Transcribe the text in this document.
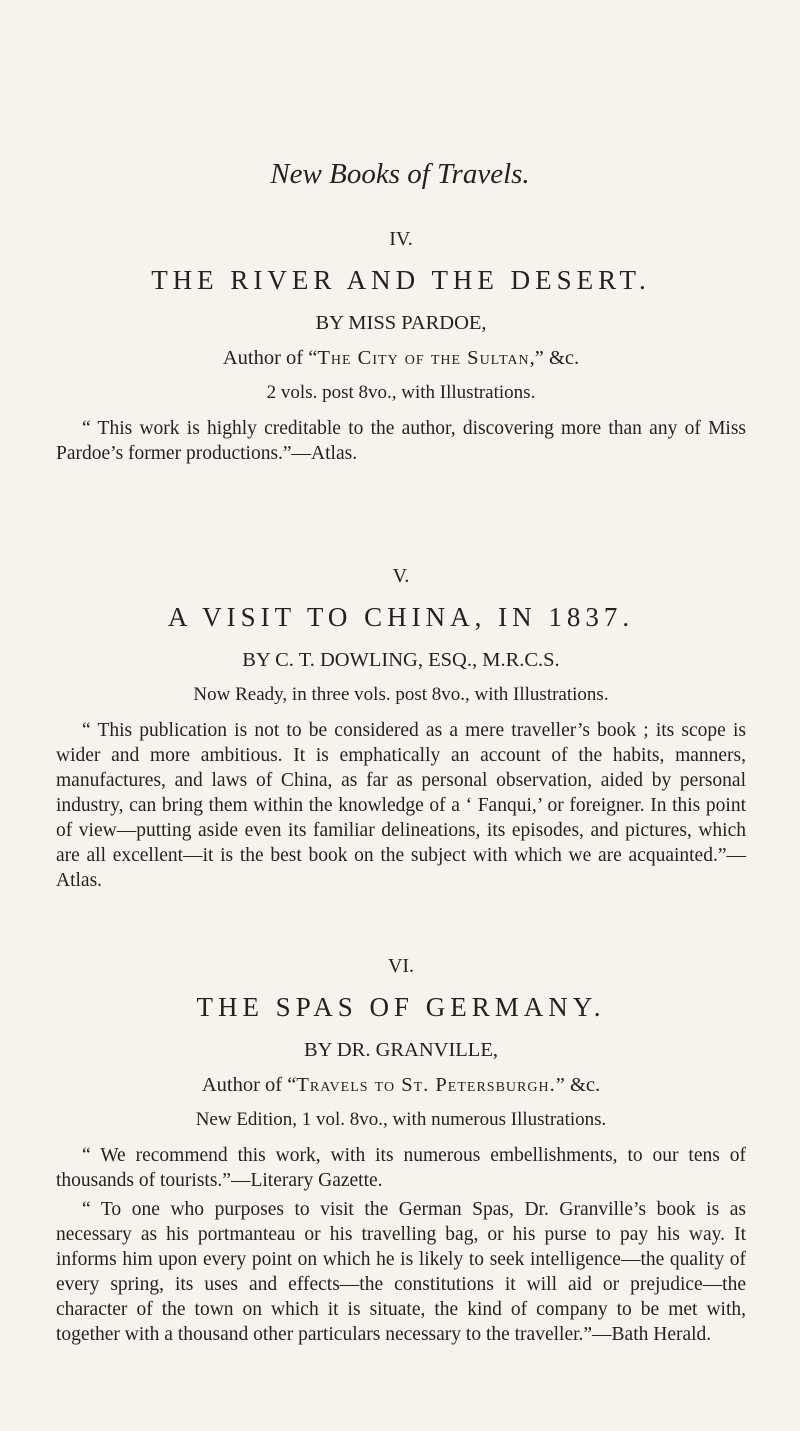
New Books of Travels.

IV.

THE RIVER AND THE DESERT.

BY MISS PARDOE,

Author of “The City of the Sultan,” &c.

2 vols. post 8vo., with Illustrations.

“ This work is highly creditable to the author, discovering more than any of Miss Pardoe’s former productions.”—Atlas.

V.

A VISIT TO CHINA, IN 1837.

BY C. T. DOWLING, ESQ., M.R.C.S.

Now Ready, in three vols. post 8vo., with Illustrations.

“ This publication is not to be considered as a mere traveller’s book ; its scope is wider and more ambitious. It is emphatically an account of the habits, manners, manufactures, and laws of China, as far as personal observation, aided by personal industry, can bring them within the knowledge of a ‘ Fanqui,’ or foreigner. In this point of view—putting aside even its familiar delineations, its episodes, and pictures, which are all excellent—it is the best book on the subject with which we are acquainted.”—Atlas.

VI.

THE SPAS OF GERMANY.

BY DR. GRANVILLE,

Author of “Travels to St. Petersburgh.” &c.

New Edition, 1 vol. 8vo., with numerous Illustrations.

“ We recommend this work, with its numerous embellishments, to our tens of thousands of tourists.”—Literary Gazette.

“ To one who purposes to visit the German Spas, Dr. Granville’s book is as necessary as his portmanteau or his travelling bag, or his purse to pay his way. It informs him upon every point on which he is likely to seek intelligence—the quality of every spring, its uses and effects—the constitutions it will aid or prejudice—the character of the town on which it is situate, the kind of company to be met with, together with a thousand other particulars necessary to the traveller.”—Bath Herald.
